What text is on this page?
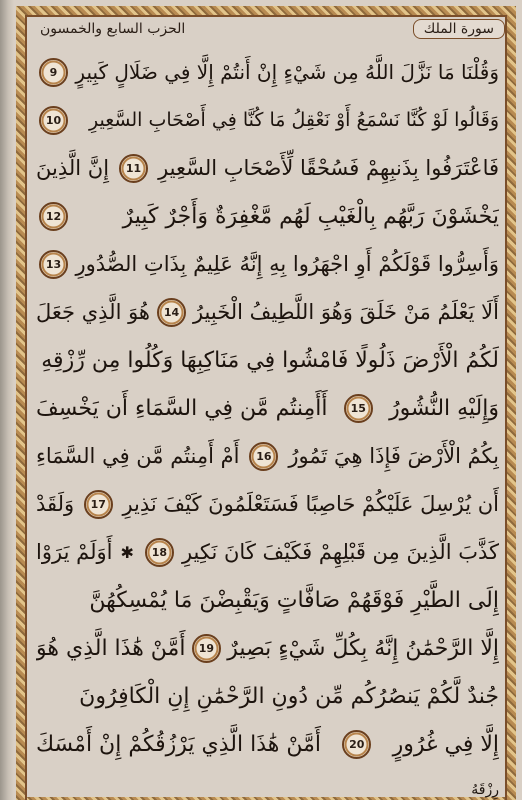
سورة الملك
الحزب السابع والخمسون
وَقُلْنَا مَا نَزَّلَ اللَّهُ مِن شَيْءٍ إِنْ أَنتُمْ إِلَّا فِي ضَلَالٍ كَبِيرٍ
9
وَقَالُوا لَوْ كُنَّا نَسْمَعُ أَوْ نَعْقِلُ مَا كُنَّا فِي أَصْحَابِ السَّعِيرِ
10
فَاعْتَرَفُوا بِذَنبِهِمْ فَسُحْقًا لِّأَصْحَابِ السَّعِيرِ
11
إِنَّ الَّذِينَ
يَخْشَوْنَ رَبَّهُم بِالْغَيْبِ لَهُم مَّغْفِرَةٌ وَأَجْرٌ كَبِيرٌ
12
وَأَسِرُّوا قَوْلَكُمْ أَوِ اجْهَرُوا بِهِ إِنَّهُ عَلِيمٌ بِذَاتِ الصُّدُورِ
13
أَلَا يَعْلَمُ مَنْ خَلَقَ وَهُوَ اللَّطِيفُ الْخَبِيرُ
14
هُوَ الَّذِي جَعَلَ
لَكُمُ الْأَرْضَ ذَلُولًا فَامْشُوا فِي مَنَاكِبِهَا وَكُلُوا مِن رِّزْقِهِ
وَإِلَيْهِ النُّشُورُ
15
أَأَمِنتُم مَّن فِي السَّمَاءِ أَن يَخْسِفَ
بِكُمُ الْأَرْضَ فَإِذَا هِيَ تَمُورُ
16
أَمْ أَمِنتُم مَّن فِي السَّمَاءِ
أَن يُرْسِلَ عَلَيْكُمْ حَاصِبًا فَسَتَعْلَمُونَ كَيْفَ نَذِيرِ
17
وَلَقَدْ
كَذَّبَ الَّذِينَ مِن قَبْلِهِمْ فَكَيْفَ كَانَ نَكِيرِ
18
✱
أَوَلَمْ يَرَوْا
إِلَى الطَّيْرِ فَوْقَهُمْ صَافَّاتٍ وَيَقْبِضْنَ مَا يُمْسِكُهُنَّ
إِلَّا الرَّحْمَٰنُ إِنَّهُ بِكُلِّ شَيْءٍ بَصِيرٌ
19
أَمَّنْ هَٰذَا الَّذِي هُوَ
جُندٌ لَّكُمْ يَنصُرُكُم مِّن دُونِ الرَّحْمَٰنِ إِنِ الْكَافِرُونَ
إِلَّا فِي غُرُورٍ
20
أَمَّنْ هَٰذَا الَّذِي يَرْزُقُكُمْ إِنْ أَمْسَكَ
رِزْقَهُ
